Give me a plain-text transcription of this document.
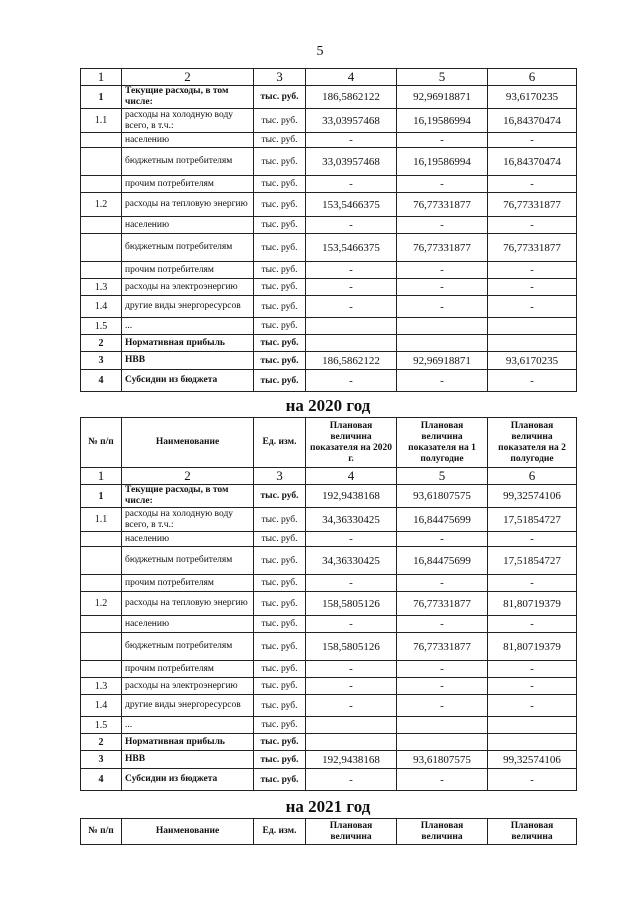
5
1	2	3	4	5	6
1	Текущие расходы, в том числе:	тыс. руб.	186,5862122	92,96918871	93,6170235
1.1	расходы на холодную воду всего, в т.ч.:	тыс. руб.	33,03957468	16,19586994	16,84370474
	населению	тыс. руб.	-	-	-
	бюджетным потребителям	тыс. руб.	33,03957468	16,19586994	16,84370474
	прочим потребителям	тыс. руб.	-	-	-
1.2	расходы на тепловую энергию	тыс. руб.	153,5466375	76,77331877	76,77331877
	населению	тыс. руб.	-	-	-
	бюджетным потребителям	тыс. руб.	153,5466375	76,77331877	76,77331877
	прочим потребителям	тыс. руб.	-	-	-
1.3	расходы на электроэнергию	тыс. руб.	-	-	-
1.4	другие виды энергоресурсов	тыс. руб.	-	-	-
1.5	...	тыс. руб.			
2	Нормативная прибыль	тыс. руб.			
3	НВВ	тыс. руб.	186,5862122	92,96918871	93,6170235
4	Субсидии из бюджета	тыс. руб.	-	-	-
на 2020 год
№ п/п	Наименование	Ед. изм.	Плановая величина показателя на 2020 г.	Плановая величина показателя на 1 полугодие	Плановая величина показателя на 2 полугодие
1	2	3	4	5	6
1	Текущие расходы, в том числе:	тыс. руб.	192,9438168	93,61807575	99,32574106
1.1	расходы на холодную воду всего, в т.ч.:	тыс. руб.	34,36330425	16,84475699	17,51854727
	населению	тыс. руб.	-	-	-
	бюджетным потребителям	тыс. руб.	34,36330425	16,84475699	17,51854727
	прочим потребителям	тыс. руб.	-	-	-
1.2	расходы на тепловую энергию	тыс. руб.	158,5805126	76,77331877	81,80719379
	населению	тыс. руб.	-	-	-
	бюджетным потребителям	тыс. руб.	158,5805126	76,77331877	81,80719379
	прочим потребителям	тыс. руб.	-	-	-
1.3	расходы на электроэнергию	тыс. руб.	-	-	-
1.4	другие виды энергоресурсов	тыс. руб.	-	-	-
1.5	...	тыс. руб.			
2	Нормативная прибыль	тыс. руб.			
3	НВВ	тыс. руб.	192,9438168	93,61807575	99,32574106
4	Субсидии из бюджета	тыс. руб.	-	-	-
на 2021 год
№ п/п	Наименование	Ед. изм.	Плановая величина	Плановая величина	Плановая величина
